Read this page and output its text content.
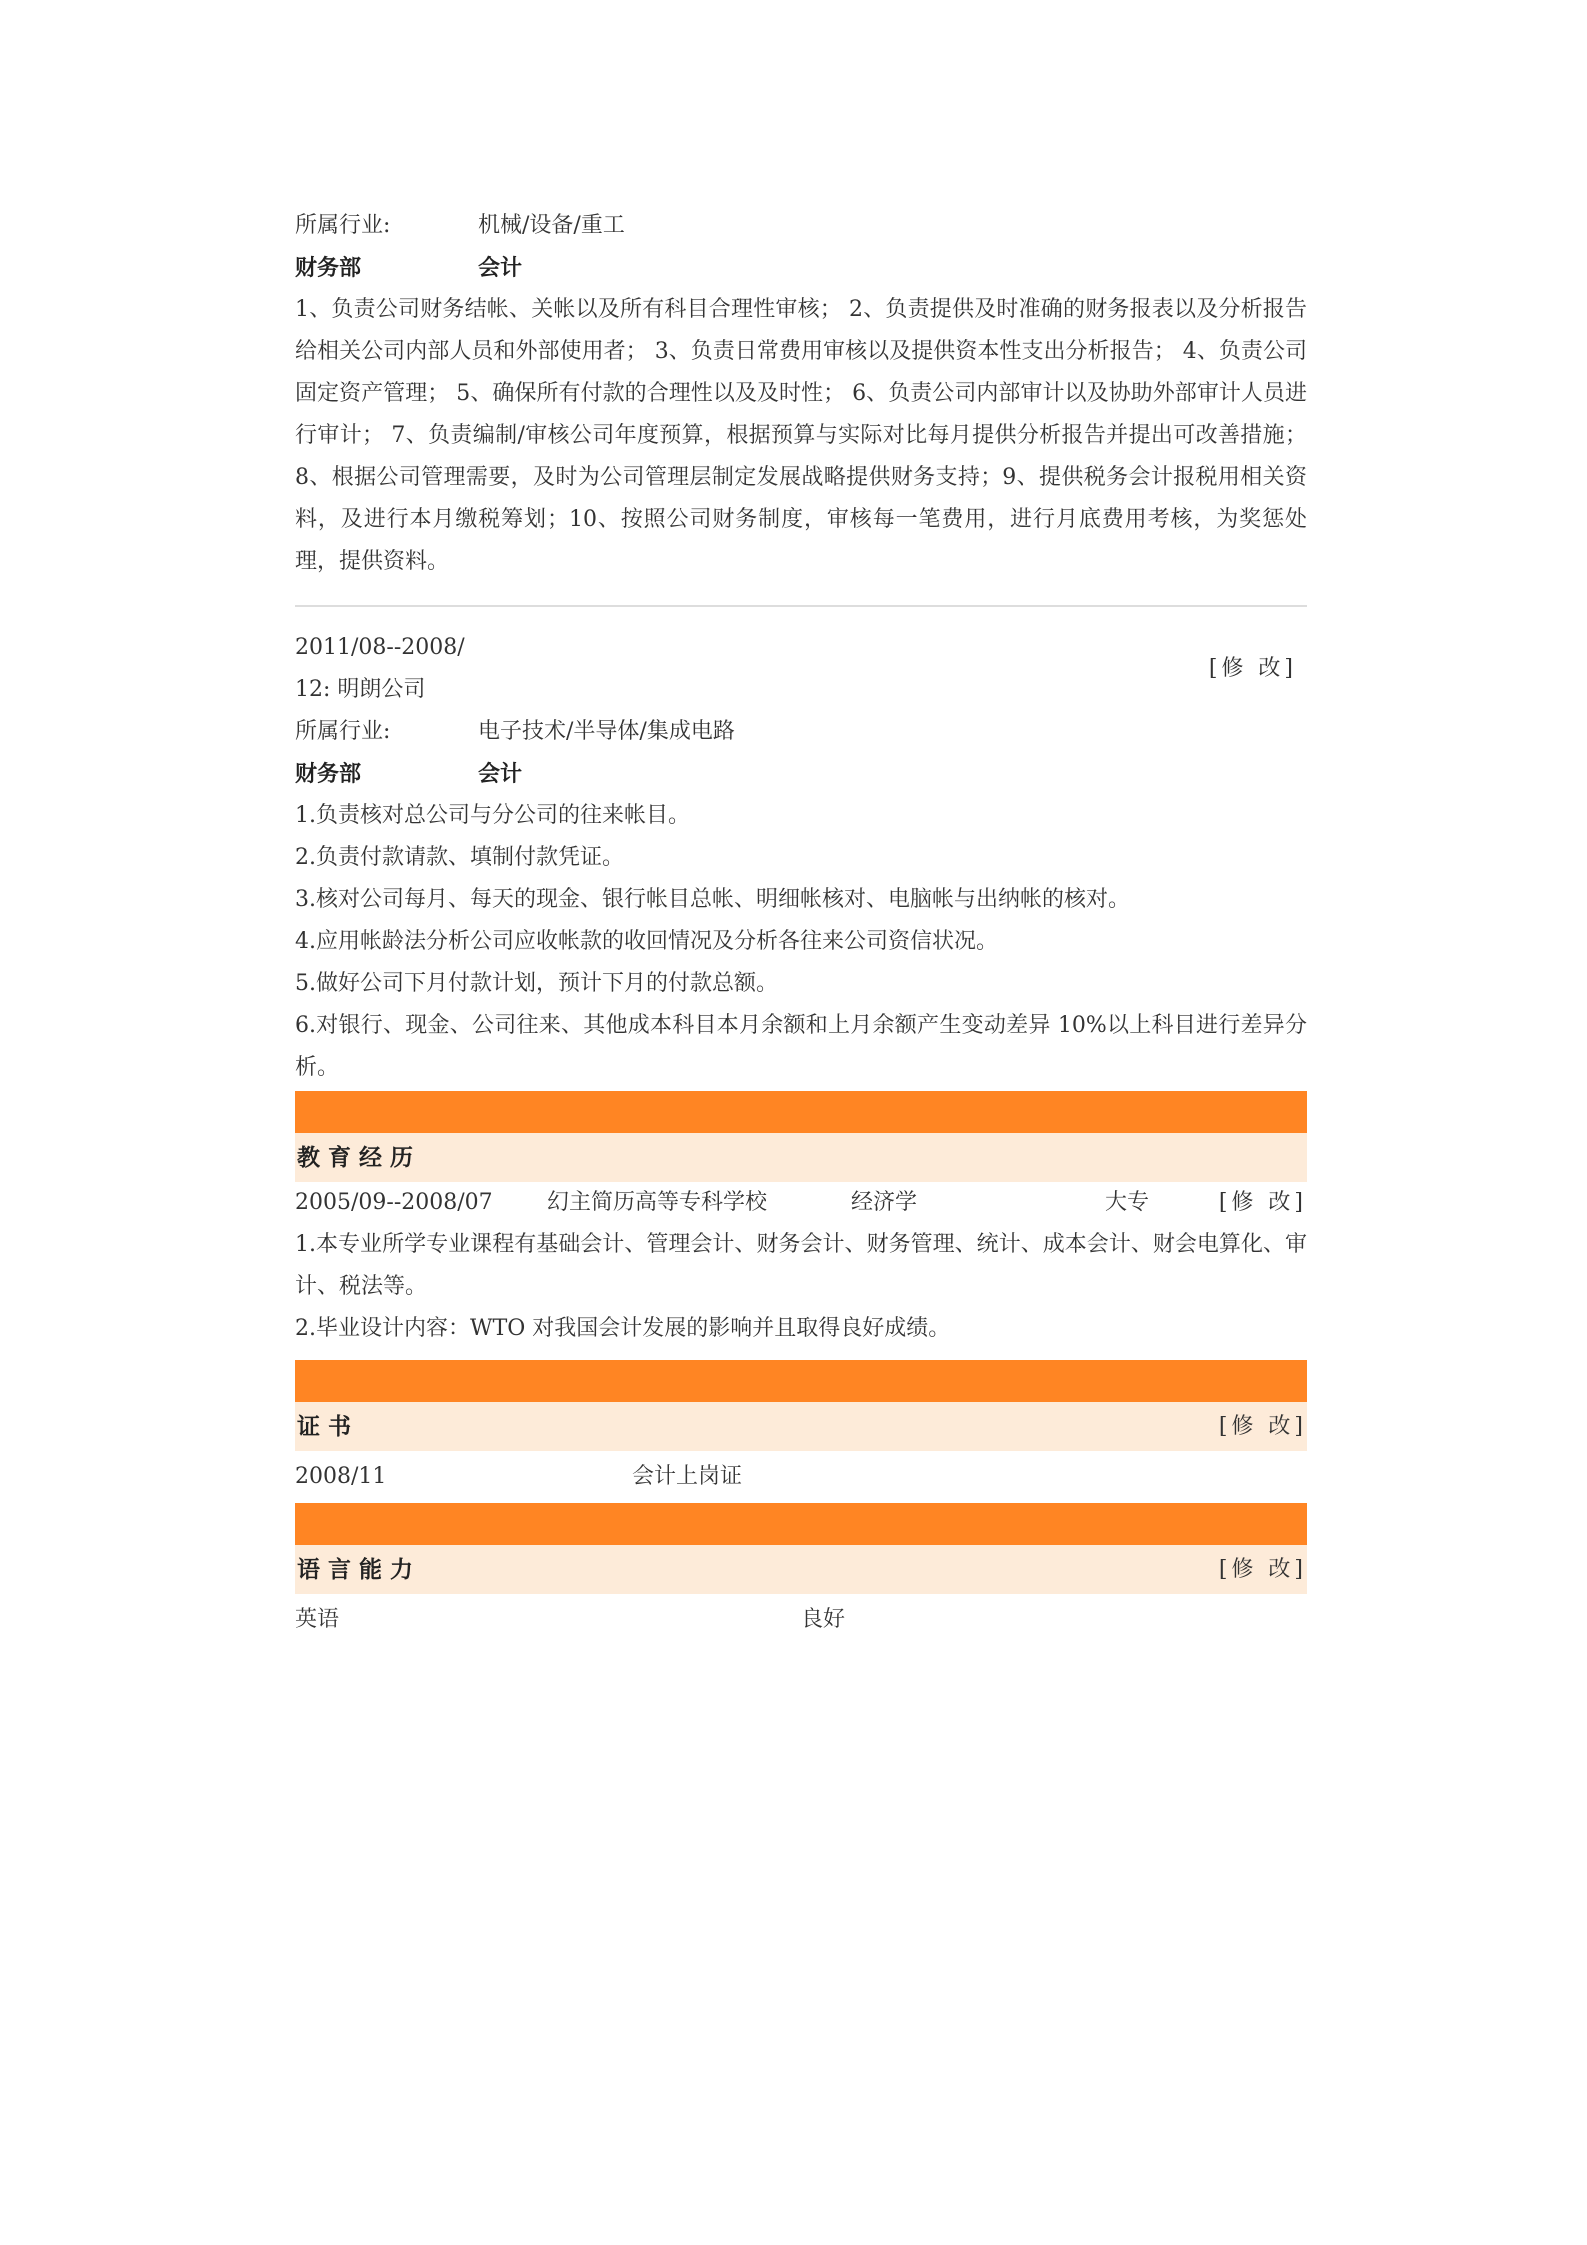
所属行业:	机械/设备/重工
财务部	会计

1、负责公司财务结帐、关帐以及所有科目合理性审核； 2、负责提供及时准确的财务报表以及分析报告给相关公司内部人员和外部使用者； 3、负责日常费用审核以及提供资本性支出分析报告； 4、负责公司固定资产管理； 5、确保所有付款的合理性以及及时性； 6、负责公司内部审计以及协助外部审计人员进行审计； 7、负责编制/审核公司年度预算，根据预算与实际对比每月提供分析报告并提出可改善措施； 8、根据公司管理需要，及时为公司管理层制定发展战略提供财务支持；9、提供税务会计报税用相关资料，及进行本月缴税筹划；10、按照公司财务制度，审核每一笔费用，进行月底费用考核，为奖惩处理，提供资料。

2011/08--2008/
12: 明朗公司
[修 改]
所属行业:	电子技术/半导体/集成电路
财务部	会计
1.负责核对总公司与分公司的往来帐目。
2.负责付款请款、填制付款凭证。
3.核对公司每月、每天的现金、银行帐目总帐、明细帐核对、电脑帐与出纳帐的核对。
4.应用帐龄法分析公司应收帐款的收回情况及分析各往来公司资信状况。
5.做好公司下月付款计划，预计下月的付款总额。
6.对银行、现金、公司往来、其他成本科目本月余额和上月余额产生变动差异 10%以上科目进行差异分析。
教育经历
2005/09--2008/07 幻主简历高等专科学校	经济学	大专	[修 改]
1.本专业所学专业课程有基础会计、管理会计、财务会计、财务管理、统计、成本会计、财会电算化、审计、税法等。
2.毕业设计内容：WTO 对我国会计发展的影响并且取得良好成绩。
证书	[修 改]
2008/11	会计上岗证
语言能力	[修 改]
英语	良好
